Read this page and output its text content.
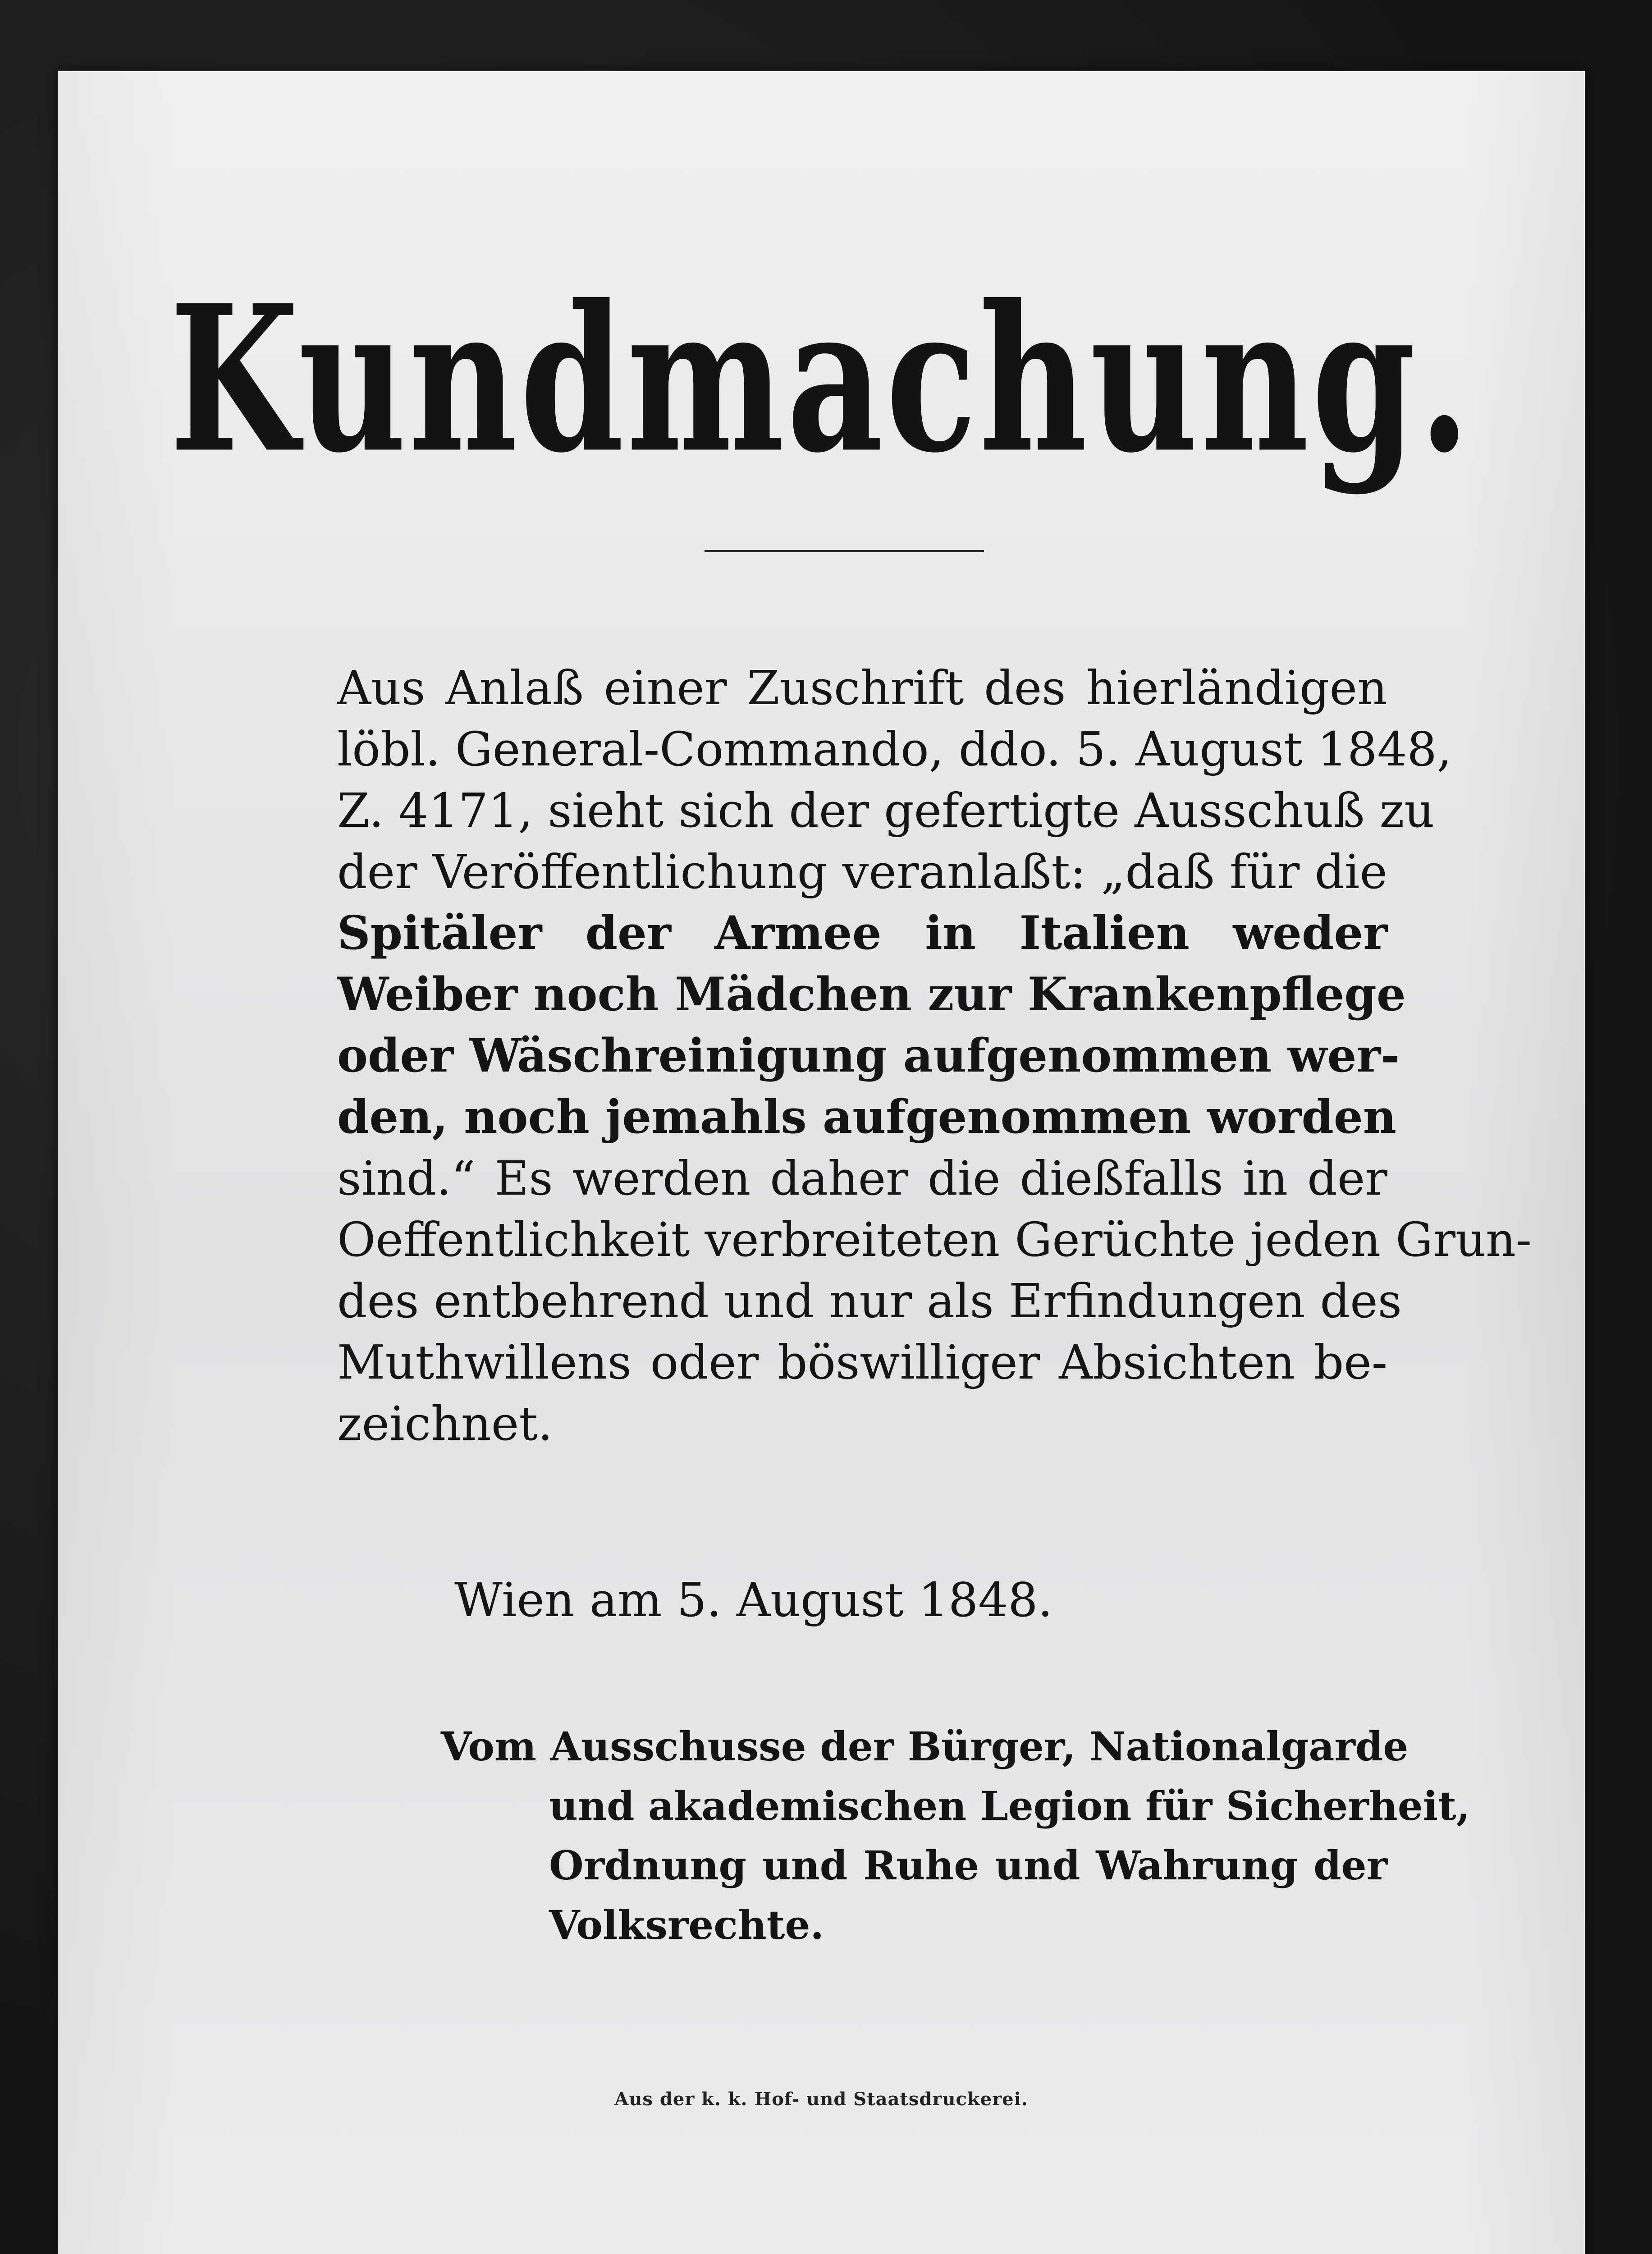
Kundmachung.
Aus Anlaß einer Zuschrift des hierländigen
löbl. General-Commando, ddo. 5. August 1848,
Z. 4171, sieht sich der gefertigte Ausschuß zu
der Veröffentlichung veranlaßt: „daß für die
Spitäler der Armee in Italien weder
Weiber noch Mädchen zur Krankenpflege
oder Wäschreinigung aufgenommen wer-
den, noch jemahls aufgenommen worden
sind.“ Es werden daher die dießfalls in der
Oeffentlichkeit verbreiteten Gerüchte jeden Grun-
des entbehrend und nur als Erfindungen des
Muthwillens oder böswilliger Absichten be-
zeichnet.
Wien am 5. August 1848.
Vom Ausschusse der Bürger, Nationalgarde
und akademischen Legion für Sicherheit,
Ordnung und Ruhe und Wahrung der
Volksrechte.
Aus der k. k. Hof- und Staatsdruckerei.
